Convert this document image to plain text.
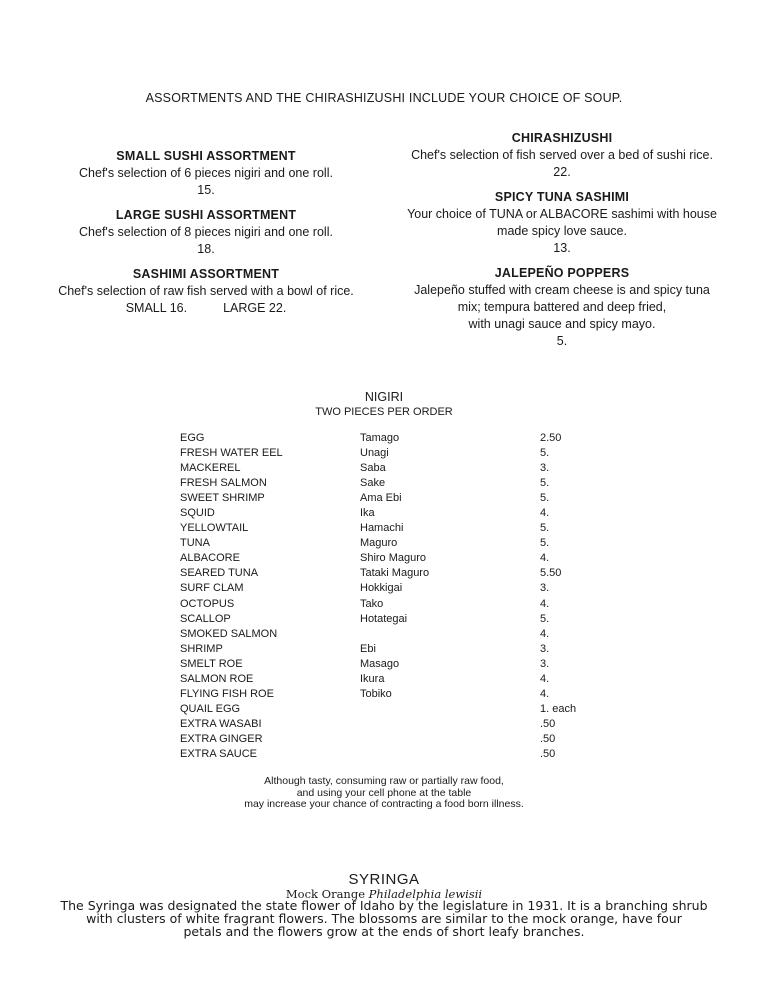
ASSORTMENTS AND THE CHIRASHIZUSHI INCLUDE YOUR CHOICE OF SOUP.
SMALL SUSHI ASSORTMENT
Chef's selection of 6 pieces nigiri and one roll.
15.
LARGE SUSHI ASSORTMENT
Chef's selection of 8 pieces nigiri and one roll.
18.
SASHIMI ASSORTMENT
Chef's selection of raw fish served with a bowl of rice.
SMALL 16.	LARGE 22.
CHIRASHIZUSHI
Chef's selection of fish served over a bed of sushi rice.
22.
SPICY TUNA SASHIMI
Your choice of TUNA or ALBACORE sashimi with house
made spicy love sauce.
13.
JALEPEÑO POPPERS
Jalepeño stuffed with cream cheese is and spicy tuna
mix; tempura battered and deep fried,
with unagi sauce and spicy mayo.
5.
NIGIRI
TWO PIECES PER ORDER
EGG	Tamago	2.50
FRESH WATER EEL	Unagi	5.
MACKEREL	Saba	3.
FRESH SALMON	Sake	5.
SWEET SHRIMP	Ama Ebi	5.
SQUID	Ika	4.
YELLOWTAIL	Hamachi	5.
TUNA	Maguro	5.
ALBACORE	Shiro Maguro	4.
SEARED TUNA	Tataki Maguro	5.50
SURF CLAM	Hokkigai	3.
OCTOPUS	Tako	4.
SCALLOP	Hotategai	5.
SMOKED SALMON		4.
SHRIMP	Ebi	3.
SMELT ROE	Masago	3.
SALMON ROE	Ikura	4.
FLYING FISH ROE	Tobiko	4.
QUAIL EGG		1. each
EXTRA WASABI		.50
EXTRA GINGER		.50
EXTRA SAUCE		.50
Although tasty, consuming raw or partially raw food,
and using your cell phone at the table
may increase your chance of contracting a food born illness.
SYRINGA
Mock Orange Philadelphia lewisii
The Syringa was designated the state flower of Idaho by the legislature in 1931. It is a branching shrub
with clusters of white fragrant flowers. The blossoms are similar to the mock orange, have four
petals and the flowers grow at the ends of short leafy branches.
